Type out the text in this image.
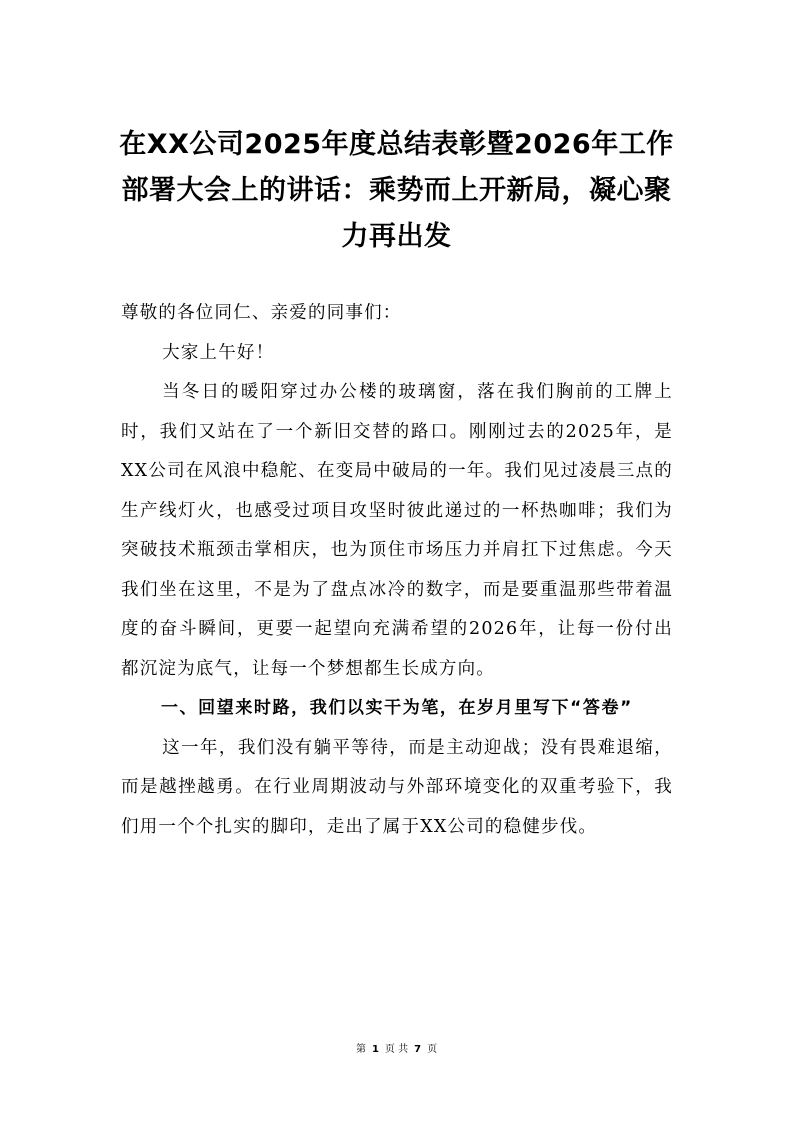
在XX公司2025年度总结表彰暨2026年工作部署大会上的讲话：乘势而上开新局，凝心聚力再出发

尊敬的各位同仁、亲爱的同事们：

大家上午好！

当冬日的暖阳穿过办公楼的玻璃窗，落在我们胸前的工牌上时，我们又站在了一个新旧交替的路口。刚刚过去的2025年，是XX公司在风浪中稳舵、在变局中破局的一年。我们见过凌晨三点的生产线灯火，也感受过项目攻坚时彼此递过的一杯热咖啡；我们为突破技术瓶颈击掌相庆，也为顶住市场压力并肩扛下过焦虑。今天我们坐在这里，不是为了盘点冰冷的数字，而是要重温那些带着温度的奋斗瞬间，更要一起望向充满希望的2026年，让每一份付出都沉淀为底气，让每一个梦想都生长成方向。

一、回望来时路，我们以实干为笔，在岁月里写下“答卷”

这一年，我们没有躺平等待，而是主动迎战；没有畏难退缩，而是越挫越勇。在行业周期波动与外部环境变化的双重考验下，我们用一个个扎实的脚印，走出了属于XX公司的稳健步伐。

第 1 页 共 7 页
